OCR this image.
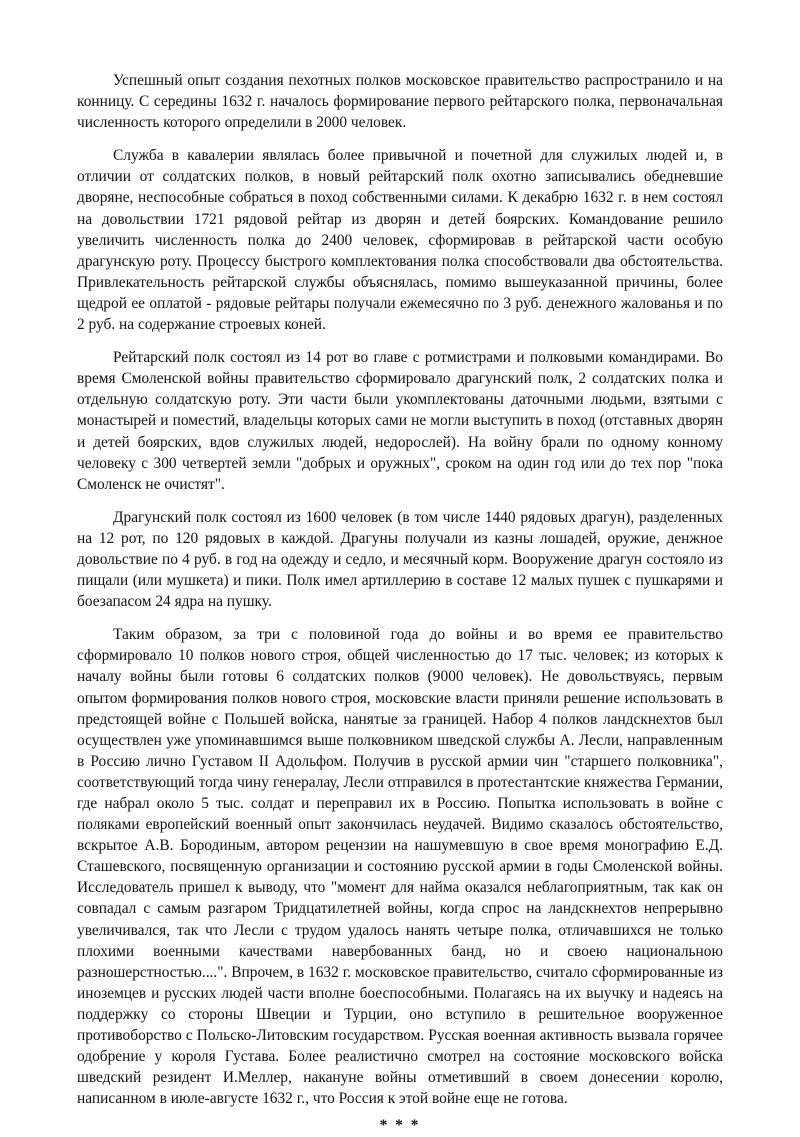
Успешный опыт создания пехотных полков московское правительство распространило и на конницу. С середины 1632 г. началось формирование первого рейтарского полка, первоначальная численность которого определили в 2000 человек.

Служба в кавалерии являлась более привычной и почетной для служилых людей и, в отличии от солдатских полков, в новый рейтарский полк охотно записывались обедневшие дворяне, неспособные собраться в поход собственными силами. К декабрю 1632 г. в нем состоял на довольствии 1721 рядовой рейтар из дворян и детей боярских. Командование решило увеличить численность полка до 2400 человек, сформировав в рейтарской части особую драгунскую роту. Процессу быстрого комплектования полка способствовали два обстоятельства. Привлекательность рейтарской службы объяснялась, помимо вышеуказанной причины, более щедрой ее оплатой - рядовые рейтары получали ежемесячно по 3 руб. денежного жалованья и по 2 руб. на содержание строевых коней.

Рейтарский полк состоял из 14 рот во главе с ротмистрами и полковыми командирами. Во время Смоленской войны правительство сформировало драгунский полк, 2 солдатских полка и отдельную солдатскую роту. Эти части были укомплектованы даточными людьми, взятыми с монастырей и поместий, владельцы которых сами не могли выступить в поход (отставных дворян и детей боярских, вдов служилых людей, недорослей). На войну брали по одному конному человеку с 300 четвертей земли "добрых и оружных", сроком на один год или до тех пор "пока Смоленск не очистят".

Драгунский полк состоял из 1600 человек (в том числе 1440 рядовых драгун), разделенных на 12 рот, по 120 рядовых в каждой. Драгуны получали из казны лошадей, оружие, денжное довольствие по 4 руб. в год на одежду и седло, и месячный корм. Вооружение драгун состояло из пищали (или мушкета) и пики. Полк имел артиллерию в составе 12 малых пушек с пушкарями и боезапасом 24 ядра на пушку.

Таким образом, за три с половиной года до войны и во время ее правительство сформировало 10 полков нового строя, общей численностью до 17 тыс. человек; из которых к началу войны были готовы 6 солдатских полков (9000 человек). Не довольствуясь, первым опытом формирования полков нового строя, московские власти приняли решение использовать в предстоящей войне с Польшей войска, нанятые за границей. Набор 4 полков ландскнехтов был осуществлен уже упоминавшимся выше полковником шведской службы А. Лесли, направленным в Россию лично Густавом II Адольфом. Получив в русской армии чин "старшего полковника", соответствующий тогда чину генералау, Лесли отправился в протестантские княжества Германии, где набрал около 5 тыс. солдат и переправил их в Россию. Попытка использовать в войне с поляками европейский военный опыт закончилась неудачей. Видимо сказалось обстоятельство, вскрытое А.В. Бородиным, автором рецензии на нашумевшую в свое время монографию Е.Д. Сташевского, посвященную организации и состоянию русской армии в годы Смоленской войны. Исследователь пришел к выводу, что "момент для найма оказался неблагоприятным, так как он совпадал с самым разгаром Тридцатилетней войны, когда спрос на ландскнехтов непрерывно увеличивался, так что Лесли с трудом удалось нанять четыре полка, отличавшихся не только плохими военными качествами навербованных банд, но и своею национальною разношерстностью....". Впрочем, в 1632 г. московское правительство, считало сформированные из иноземцев и русских людей части вполне боеспособными. Полагаясь на их выучку и надеясь на поддержку со стороны Швеции и Турции, оно вступило в решительное вооруженное противоборство с Польско-Литовским государством. Русская военная активность вызвала горячее одобрение у короля Густава. Более реалистично смотрел на состояние московского войска шведский резидент И.Меллер, накануне войны отметивший в своем донесении королю, написанном в июле-августе 1632 г., что Россия к этой войне еще не готова.

* * *
